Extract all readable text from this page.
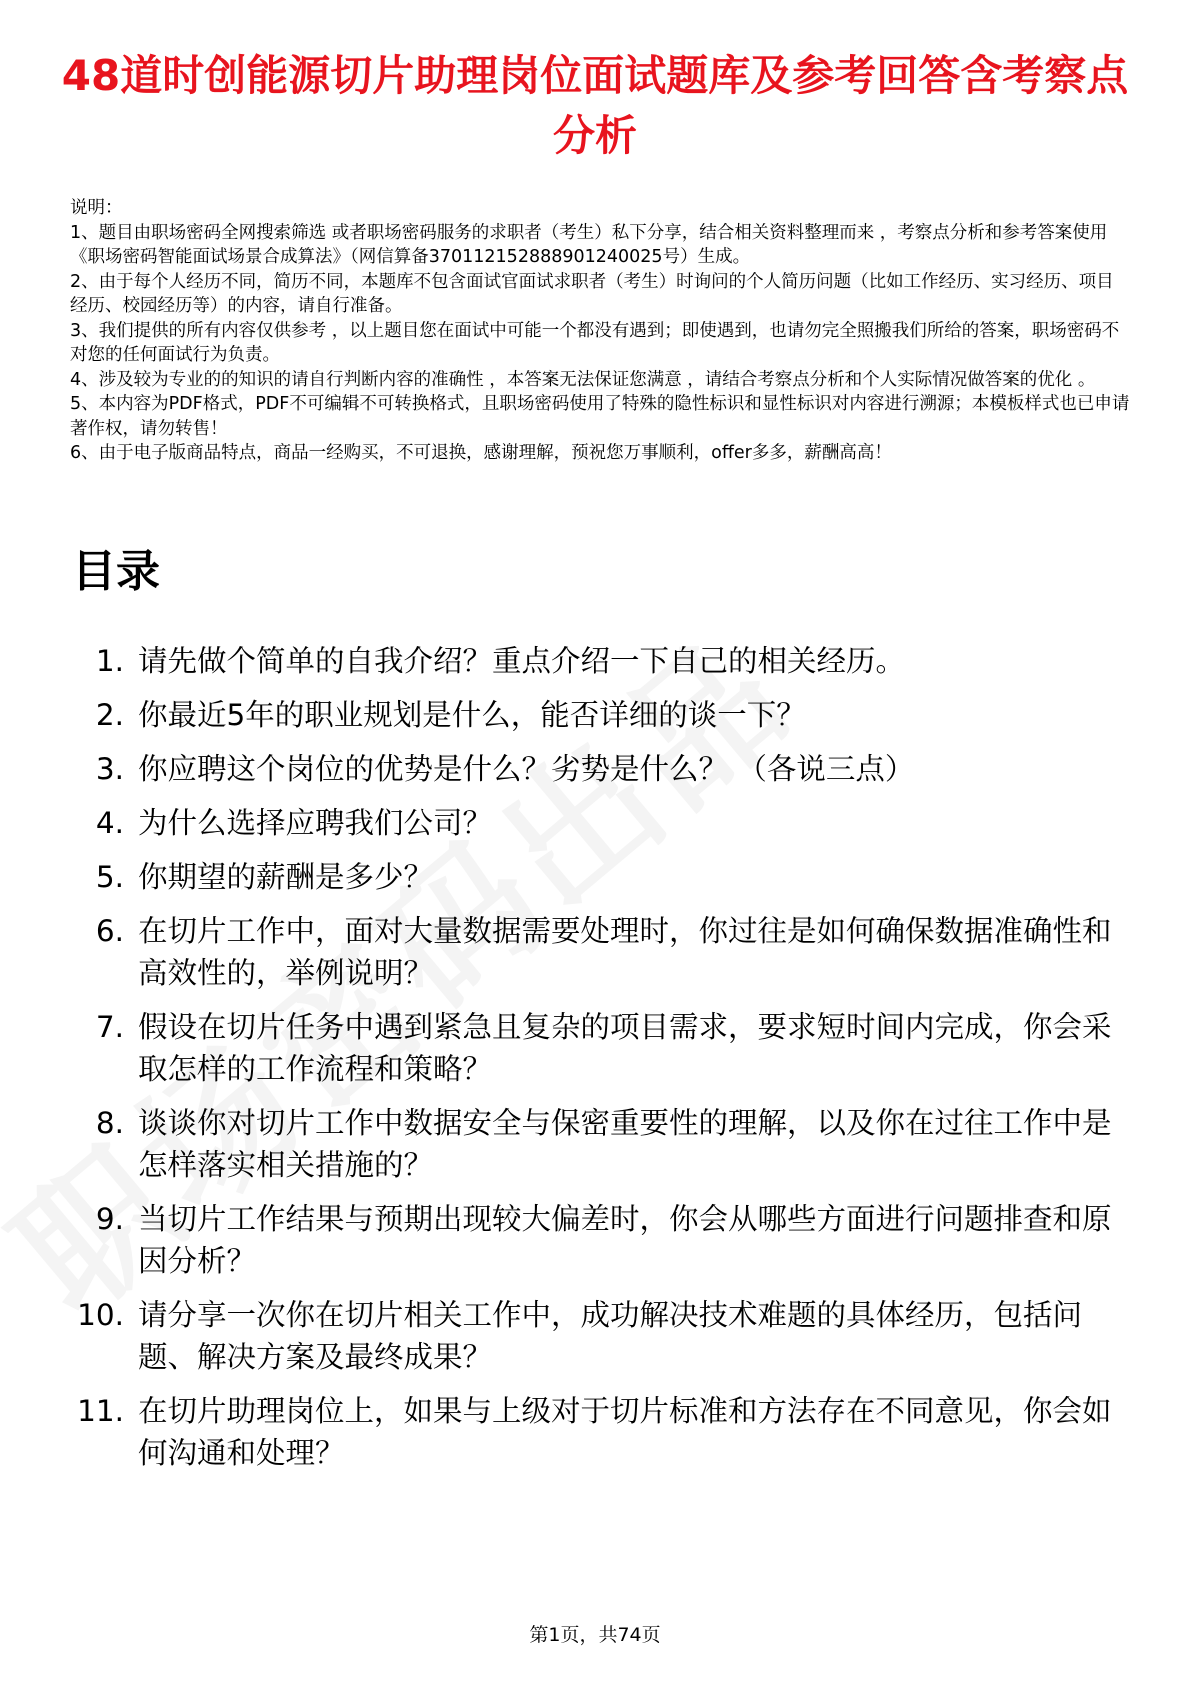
48道时创能源切片助理岗位面试题库及参考回答含考察点分析

说明：

1、题目由职场密码全网搜索筛选 或者职场密码服务的求职者（考生）私下分享，结合相关资料整理而来 ，考察点分析和参考答案使用《职场密码智能面试场景合成算法》（网信算备370112152888901240025号）生成。

2、由于每个人经历不同，简历不同，本题库不包含面试官面试求职者（考生）时询问的个人简历问题（比如工作经历、实习经历、项目经历、校园经历等）的内容，请自行准备。

3、我们提供的所有内容仅供参考 ，以上题目您在面试中可能一个都没有遇到；即使遇到，也请勿完全照搬我们所给的答案，职场密码不对您的任何面试行为负责。

4、涉及较为专业的的知识的请自行判断内容的准确性 ，本答案无法保证您满意 ，请结合考察点分析和个人实际情况做答案的优化 。

5、本内容为PDF格式，PDF不可编辑不可转换格式，且职场密码使用了特殊的隐性标识和显性标识对内容进行溯源；本模板样式也已申请著作权，请勿转售！

6、由于电子版商品特点，商品一经购买，不可退换，感谢理解，预祝您万事顺利，offer多多，薪酬高高！

目录
1. 请先做个简单的自我介绍？重点介绍一下自己的相关经历。
2. 你最近5年的职业规划是什么，能否详细的谈一下？
3. 你应聘这个岗位的优势是什么？劣势是什么？ （各说三点）
4. 为什么选择应聘我们公司？
5. 你期望的薪酬是多少？
6. 在切片工作中，面对大量数据需要处理时，你过往是如何确保数据准确性和高效性的，举例说明？
7. 假设在切片任务中遇到紧急且复杂的项目需求，要求短时间内完成，你会采取怎样的工作流程和策略？
8. 谈谈你对切片工作中数据安全与保密重要性的理解，以及你在过往工作中是怎样落实相关措施的？
9. 当切片工作结果与预期出现较大偏差时，你会从哪些方面进行问题排查和原因分析？
10. 请分享一次你在切片相关工作中，成功解决技术难题的具体经历，包括问题、解决方案及最终成果？
11. 在切片助理岗位上，如果与上级对于切片标准和方法存在不同意见，你会如何沟通和处理？
第1页，共74页
